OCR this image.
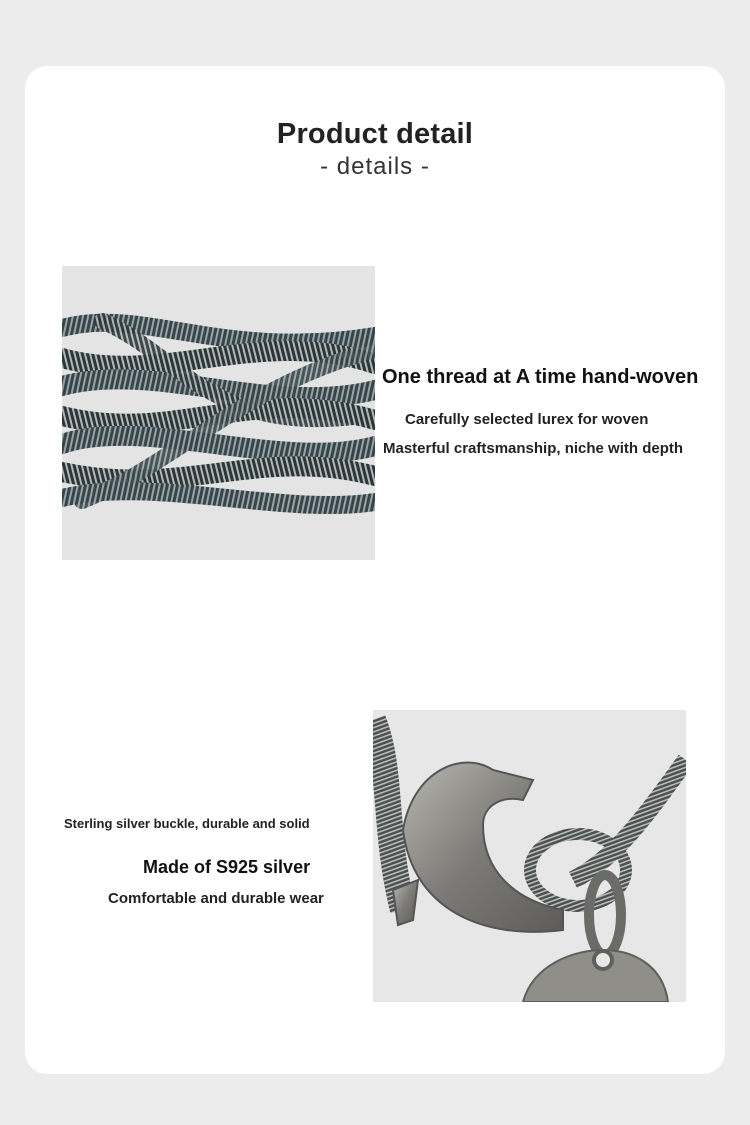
Product detail
- details -
One thread at A time hand-woven
Carefully selected lurex for woven
Masterful craftsmanship, niche with depth
Sterling silver buckle, durable and solid
Made of S925 silver
Comfortable and durable wear
